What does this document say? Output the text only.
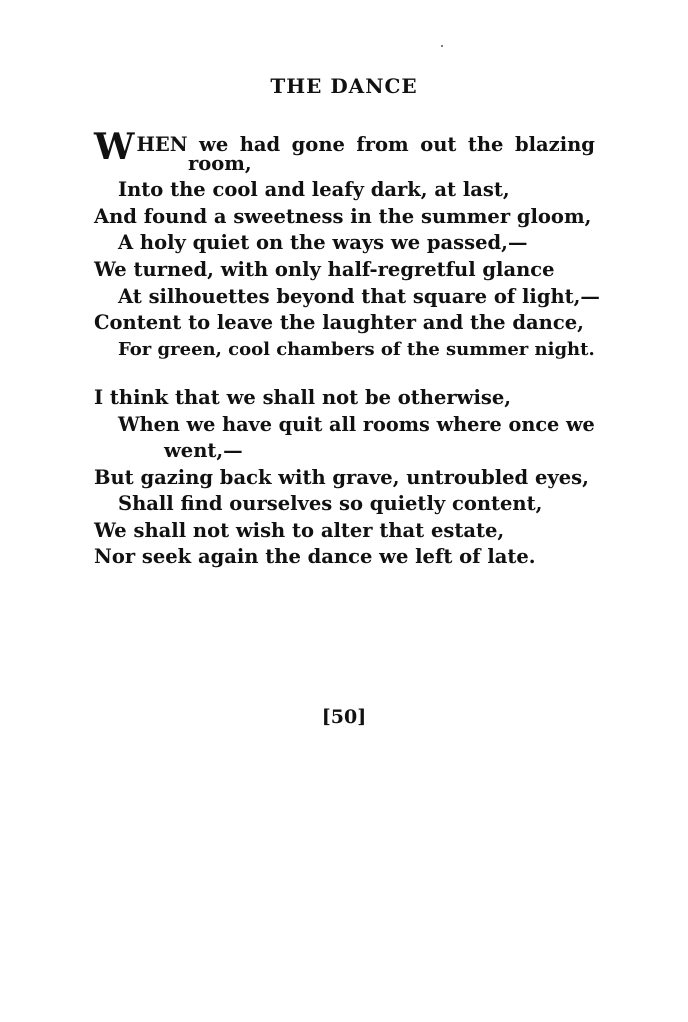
THE DANCE
WHEN we had gone from out the blazing
room,
Into the cool and leafy dark, at last,
And found a sweetness in the summer gloom,
A holy quiet on the ways we passed,—
We turned, with only half-regretful glance
At silhouettes beyond that square of light,—
Content to leave the laughter and the dance,
For green, cool chambers of the summer night.
I think that we shall not be otherwise,
When we have quit all rooms where once we
went,—
But gazing back with grave, untroubled eyes,
Shall find ourselves so quietly content,
We shall not wish to alter that estate,
Nor seek again the dance we left of late.
[50]
